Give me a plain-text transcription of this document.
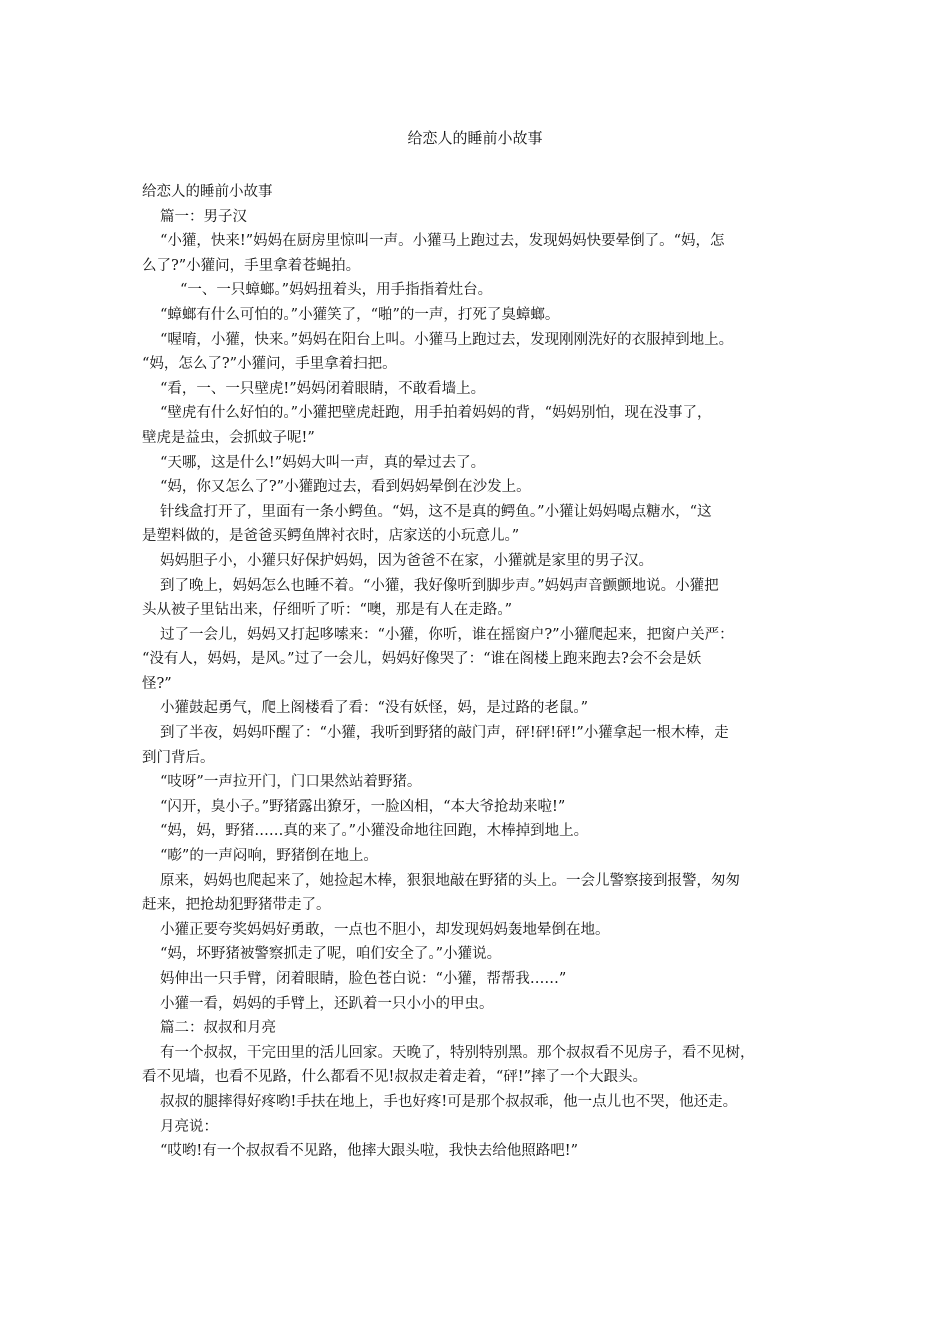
给恋人的睡前小故事
给恋人的睡前小故事
篇一：男子汉
“小獾，快来!”妈妈在厨房里惊叫一声。小獾马上跑过去，发现妈妈快要晕倒了。“妈，怎
么了?”小獾问，手里拿着苍蝇拍。
“一、一只蟑螂。”妈妈扭着头，用手指指着灶台。
“蟑螂有什么可怕的。”小獾笑了，“啪”的一声，打死了臭蟑螂。
“喔唷，小獾，快来。”妈妈在阳台上叫。小獾马上跑过去，发现刚刚洗好的衣服掉到地上。
“妈，怎么了?”小獾问，手里拿着扫把。
“看，一、一只壁虎!”妈妈闭着眼睛，不敢看墙上。
“壁虎有什么好怕的。”小獾把壁虎赶跑，用手拍着妈妈的背，“妈妈别怕，现在没事了，
壁虎是益虫，会抓蚊子呢!”
“天哪，这是什么!”妈妈大叫一声，真的晕过去了。
“妈，你又怎么了?”小獾跑过去，看到妈妈晕倒在沙发上。
针线盒打开了，里面有一条小鳄鱼。“妈，这不是真的鳄鱼。”小獾让妈妈喝点糖水，“这
是塑料做的，是爸爸买鳄鱼牌衬衣时，店家送的小玩意儿。”
妈妈胆子小，小獾只好保护妈妈，因为爸爸不在家，小獾就是家里的男子汉。
到了晚上，妈妈怎么也睡不着。“小獾，我好像听到脚步声。”妈妈声音颤颤地说。小獾把
头从被子里钻出来，仔细听了听：“噢，那是有人在走路。”
过了一会儿，妈妈又打起哆嗦来：“小獾，你听，谁在摇窗户?”小獾爬起来，把窗户关严：
“没有人，妈妈，是风。”过了一会儿，妈妈好像哭了：“谁在阁楼上跑来跑去?会不会是妖
怪?”
小獾鼓起勇气，爬上阁楼看了看：“没有妖怪，妈，是过路的老鼠。”
到了半夜，妈妈吓醒了：“小獾，我听到野猪的敲门声，砰!砰!砰!”小獾拿起一根木棒，走
到门背后。
“吱呀”一声拉开门，门口果然站着野猪。
“闪开，臭小子。”野猪露出獠牙，一脸凶相，“本大爷抢劫来啦!”
“妈，妈，野猪……真的来了。”小獾没命地往回跑，木棒掉到地上。
“嘭”的一声闷响，野猪倒在地上。
原来，妈妈也爬起来了，她捡起木棒，狠狠地敲在野猪的头上。一会儿警察接到报警，匆匆
赶来，把抢劫犯野猪带走了。
小獾正要夸奖妈妈好勇敢，一点也不胆小，却发现妈妈轰地晕倒在地。
“妈，坏野猪被警察抓走了呢，咱们安全了。”小獾说。
妈伸出一只手臂，闭着眼睛，脸色苍白说：“小獾，帮帮我……”
小獾一看，妈妈的手臂上，还趴着一只小小的甲虫。
篇二：叔叔和月亮
有一个叔叔，干完田里的活儿回家。天晚了，特别特别黑。那个叔叔看不见房子，看不见树，
看不见墙，也看不见路，什么都看不见!叔叔走着走着，“砰!”摔了一个大跟头。
叔叔的腿摔得好疼哟!手扶在地上，手也好疼!可是那个叔叔乖，他一点儿也不哭，他还走。
月亮说：
“哎哟!有一个叔叔看不见路，他摔大跟头啦，我快去给他照路吧!”
